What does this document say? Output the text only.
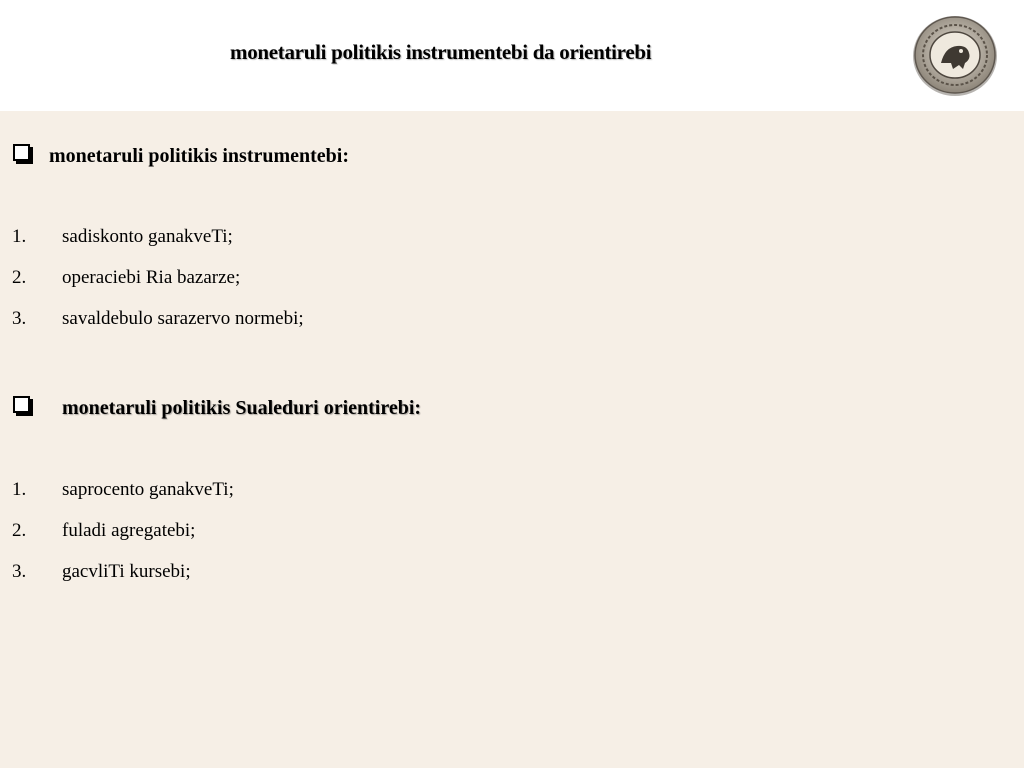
monetaruli politikis instrumentebi da orientirebi
monetaruli politikis instrumentebi:
1. sadiskonto ganakveTi;
2. operaciebi Ria bazarze;
3. savaldebulo sarazervo normebi;
monetaruli politikis Sualeduri orientirebi:
1. saprocento ganakveTi;
2. fuladi agregatebi;
3. gacvliTi kursebi;
